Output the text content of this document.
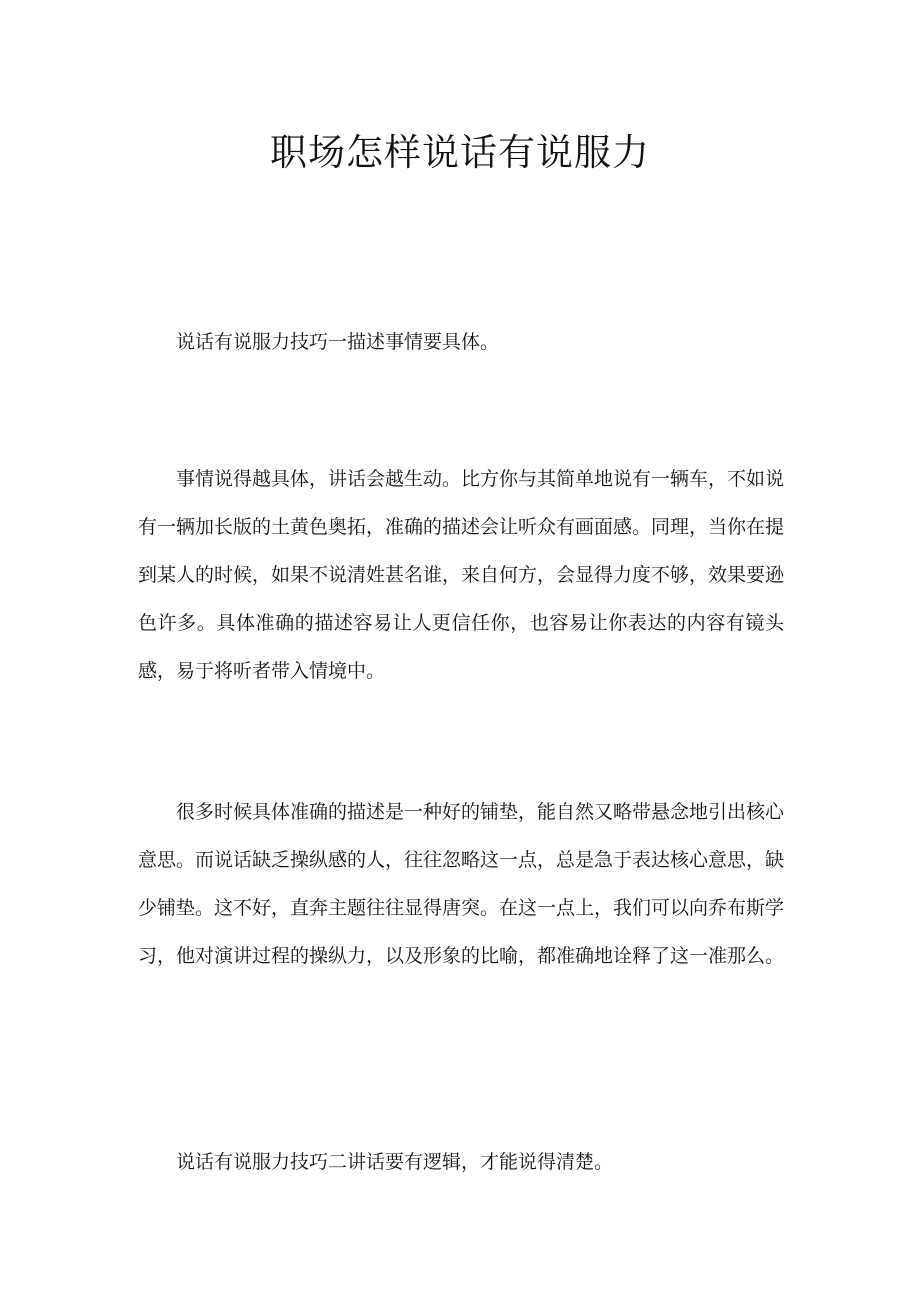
职场怎样说话有说服力

说话有说服力技巧一描述事情要具体。

事情说得越具体，讲话会越生动。比方你与其简单地说有一辆车，不如说有一辆加长版的土黄色奥拓，准确的描述会让听众有画面感。同理，当你在提到某人的时候，如果不说清姓甚名谁，来自何方，会显得力度不够，效果要逊色许多。具体准确的描述容易让人更信任你，也容易让你表达的内容有镜头感，易于将听者带入情境中。

很多时候具体准确的描述是一种好的铺垫，能自然又略带悬念地引出核心意思。而说话缺乏操纵感的人，往往忽略这一点，总是急于表达核心意思，缺少铺垫。这不好，直奔主题往往显得唐突。在这一点上，我们可以向乔布斯学习，他对演讲过程的操纵力，以及形象的比喻，都准确地诠释了这一准那么。

说话有说服力技巧二讲话要有逻辑，才能说得清楚。
